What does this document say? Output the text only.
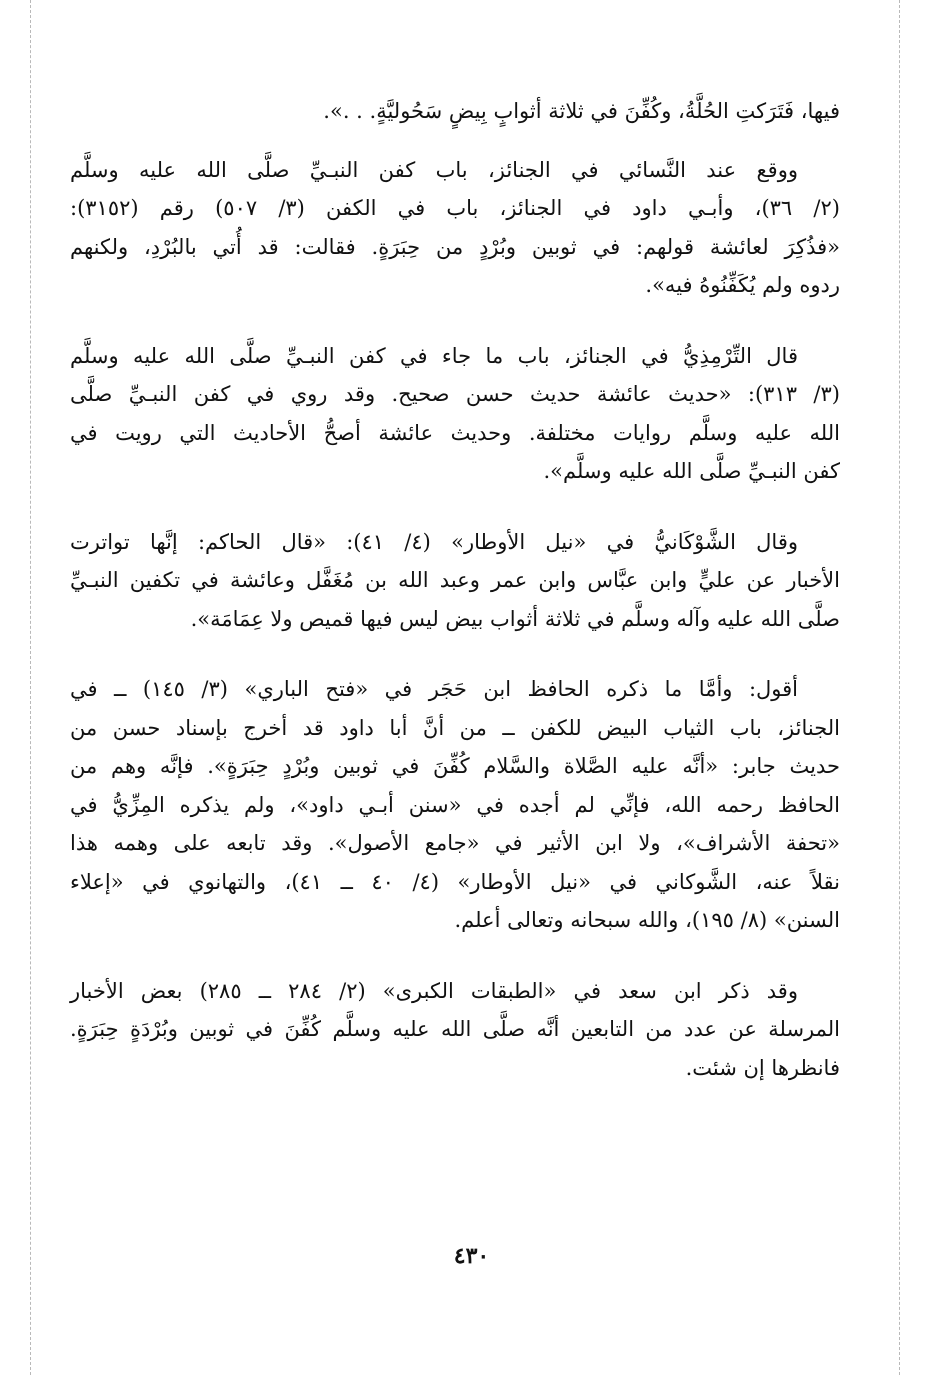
فيها، فَتَرَكتِ الحُلَّةُ، وكُفِّنَ في ثلاثة أثوابٍ بِيضٍ سَحُوليَّةٍ. . .».

ووقع عند النَّسائي في الجنائز، باب كفن النبـيِّ صلَّى الله عليه وسلَّم
(٢/ ٣٦)، وأبـي داود في الجنائز، باب في الكفن (٣/ ٥٠٧) رقم (٣١٥٢):
«فذُكِرَ لعائشة قولهم: في ثوبين وبُرْدٍ من حِبَرَةٍ. فقالت: قد أُتي بالبُرْدِ، ولكنهم
ردوه ولم يُكَفِّنُوهُ فيه».

قال التِّرْمِذِيُّ في الجنائز، باب ما جاء في كفن النبـيِّ صلَّى الله عليه وسلَّم
(٣/ ٣١٣): «حديث عائشة حديث حسن صحيح. وقد روي في كفن النبـيِّ صلَّى
الله عليه وسلَّم روايات مختلفة. وحديث عائشة أصحُّ الأحاديث التي رويت في
كفن النبـيِّ صلَّى الله عليه وسلَّم».

وقال الشَّوْكَانيُّ في «نيل الأوطار» (٤/ ٤١): «قال الحاكم: إنَّها تواترت
الأخبار عن عليٍّ وابن عبَّاس وابن عمر وعبد الله بن مُغَفَّل وعائشة في تكفين النبـيِّ
صلَّى الله عليه وآله وسلَّم في ثلاثة أثواب بيض ليس فيها قميص ولا عِمَامَة».

أقول: وأمَّا ما ذكره الحافظ ابن حَجَر في «فتح الباري» (٣/ ١٤٥) ــ في
الجنائز، باب الثياب البيض للكفن ــ من أنَّ أبا داود قد أخرج بإسناد حسن من
حديث جابر: «أنَّه عليه الصَّلاة والسَّلام كُفِّنَ في ثوبين وبُرْدٍ حِبَرَةٍ». فإنَّه وهم من
الحافظ رحمه الله، فإنِّي لم أجده في «سنن أبـي داود»، ولم يذكره المِزِّيُّ في
«تحفة الأشراف»، ولا ابن الأثير في «جامع الأصول». وقد تابعه على وهمه هذا
نقلاً عنه، الشَّوكاني في «نيل الأوطار» (٤/ ٤٠ ــ ٤١)، والتهانوي في «إعلاء
السنن» (٨/ ١٩٥)، والله سبحانه وتعالى أعلم.

وقد ذكر ابن سعد في «الطبقات الكبرى» (٢/ ٢٨٤ ــ ٢٨٥) بعض الأخبار
المرسلة عن عدد من التابعين أنَّه صلَّى الله عليه وسلَّم كُفِّنَ في ثوبين وبُرْدَةٍ حِبَرَةٍ.
فانظرها إن شئت.

٤٣٠
